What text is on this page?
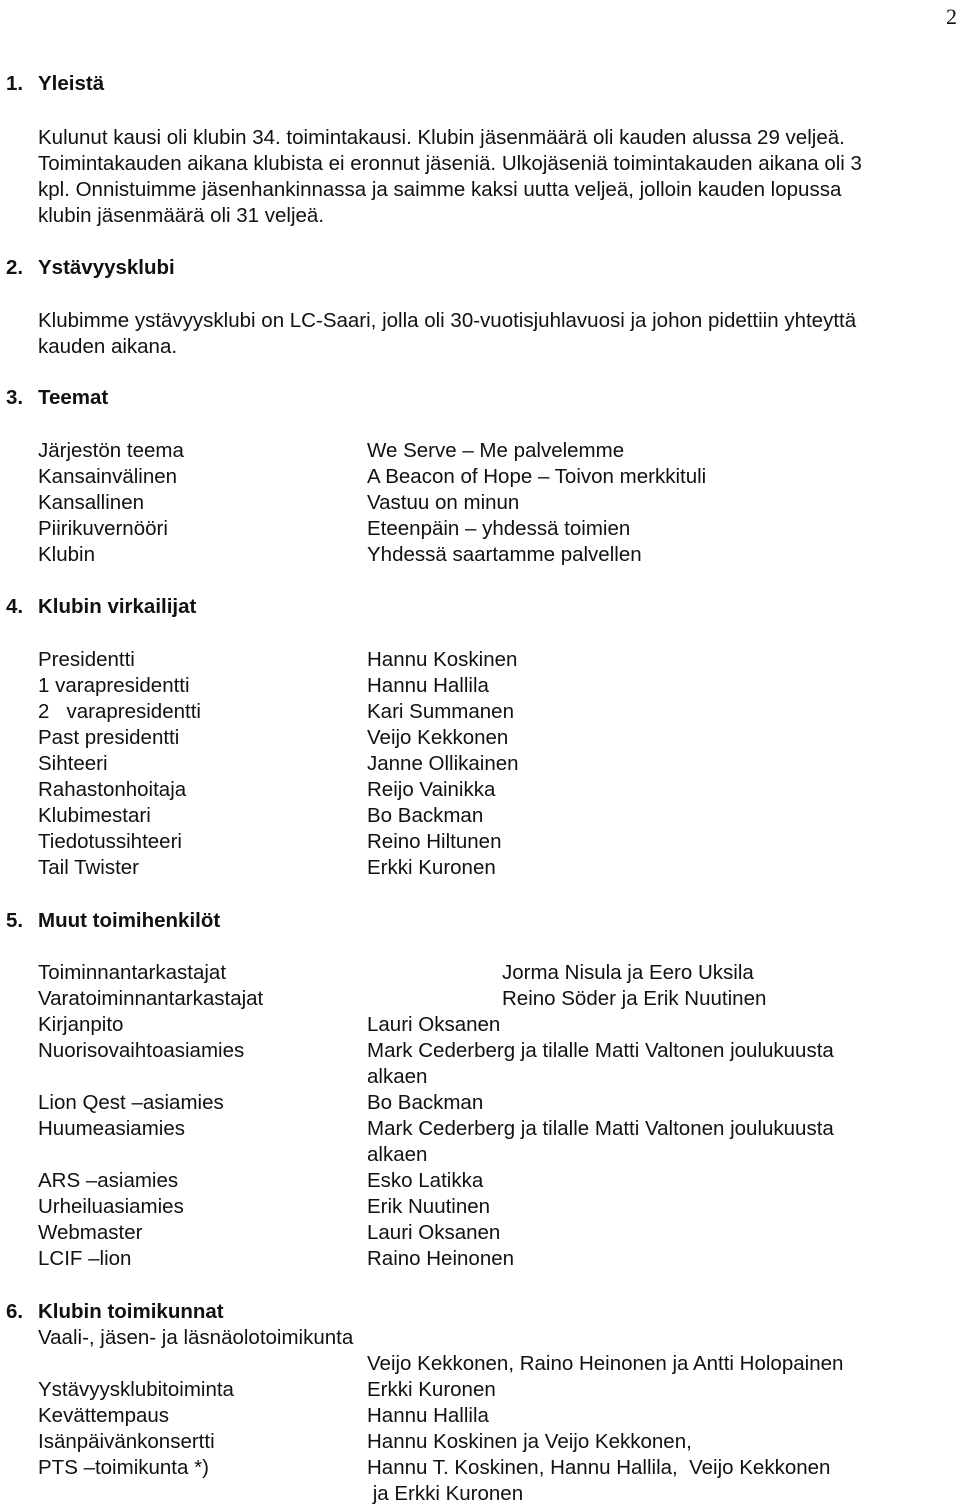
2
1. Yleistä
Kulunut kausi oli klubin 34. toimintakausi. Klubin jäsenmäärä oli kauden alussa 29 veljeä.
Toimintakauden aikana klubista ei eronnut jäseniä. Ulkojäseniä toimintakauden aikana oli 3
kpl. Onnistuimme jäsenhankinnassa ja saimme kaksi uutta veljeä, jolloin kauden lopussa
klubin jäsenmäärä oli 31 veljeä.
2. Ystävyysklubi
Klubimme ystävyysklubi on LC-Saari, jolla oli 30-vuotisjuhlavuosi ja johon pidettiin yhteyttä
kauden aikana.
3. Teemat
Järjestön teema
Kansainvälinen
Kansallinen
Piirikuvernööri
Klubin
We Serve – Me palvelemme
A Beacon of Hope – Toivon merkkituli
Vastuu on minun
Eteenpäin – yhdessä toimien
Yhdessä saartamme palvellen
4. Klubin virkailijat
Presidentti
1 varapresidentti
2   varapresidentti
Past presidentti
Sihteeri
Rahastonhoitaja
Klubimestari
Tiedotussihteeri
Tail Twister
Hannu Koskinen
Hannu Hallila
Kari Summanen
Veijo Kekkonen
Janne Ollikainen
Reijo Vainikka
Bo Backman
Reino Hiltunen
Erkki Kuronen
5. Muut toimihenkilöt
Toiminnantarkastajat
Varatoiminnantarkastajat
Kirjanpito
Nuorisovaihtoasiamies
Lion Qest –asiamies
Huumeasiamies
ARS –asiamies
Urheiluasiamies
Webmaster
LCIF –lion
Jorma Nisula ja Eero Uksila
Reino Söder ja Erik Nuutinen
Lauri Oksanen
Mark Cederberg ja tilalle Matti Valtonen joulukuusta
alkaen
Bo Backman
Mark Cederberg ja tilalle Matti Valtonen joulukuusta
alkaen
Esko Latikka
Erik Nuutinen
Lauri Oksanen
Raino Heinonen
6. Klubin toimikunnat
Vaali-, jäsen- ja läsnäolotoimikunta
Ystävyysklubitoiminta
Kevättempaus
Isänpäivänkonsertti
PTS –toimikunta *)
Veijo Kekkonen, Raino Heinonen ja Antti Holopainen
Erkki Kuronen
Hannu Hallila
Hannu Koskinen ja Veijo Kekkonen,
Hannu T. Koskinen, Hannu Hallila,  Veijo Kekkonen
ja Erkki Kuronen
